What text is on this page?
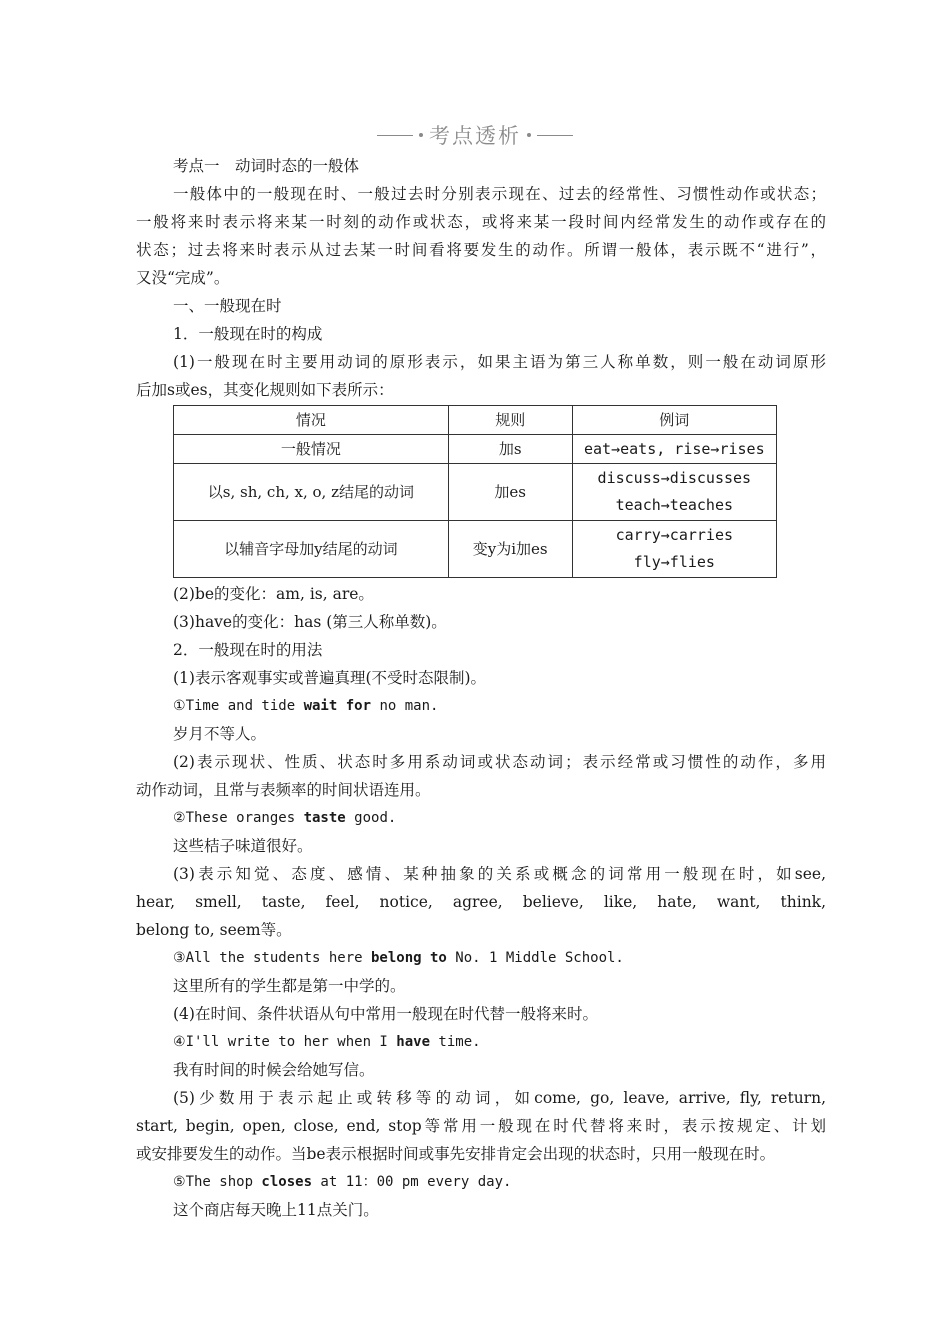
考点透析
考点一　动词时态的一般体
一般体中的一般现在时、一般过去时分别表示现在、过去的经常性、习惯性动作或状态；
一般将来时表示将来某一时刻的动作或状态，或将来某一段时间内经常发生的动作或存在的
状态；过去将来时表示从过去某一时间看将要发生的动作。所谓一般体，表示既不“进行”，
又没“完成”。
一、一般现在时
1．一般现在时的构成
(1)一般现在时主要用动词的原形表示，如果主语为第三人称单数，则一般在动词原形
后加s或es，其变化规则如下表所示：
情况	规则	例词
一般情况	加s	eat→eats, rise→rises
以s, sh, ch, x, o, z结尾的动词	加es	discuss→discusses
teach→teaches

以辅音字母加y结尾的动词	变y为i加es	carry→carries
fly→flies
(2)be的变化：am, is, are。
(3)have的变化：has (第三人称单数)。
2．一般现在时的用法
(1)表示客观事实或普遍真理(不受时态限制)。
①Time and tide wait for no man.
岁月不等人。
(2)表示现状、性质、状态时多用系动词或状态动词；表示经常或习惯性的动作，多用
动作动词，且常与表频率的时间状语连用。
②These oranges taste good.
这些桔子味道很好。
(3)表示知觉、态度、感情、某种抽象的关系或概念的词常用一般现在时，如see,
hear, smell, taste, feel, notice, agree, believe, like, hate, want, think,
belong to, seem等。
③All the students here belong to No. 1 Middle School.
这里所有的学生都是第一中学的。
(4)在时间、条件状语从句中常用一般现在时代替一般将来时。
④I'll write to her when I have time.
我有时间的时候会给她写信。
(5)少数用于表示起止或转移等的动词，如come, go, leave, arrive, fly, return,
start, begin, open, close, end, stop等常用一般现在时代替将来时，表示按规定、计划
或安排要发生的动作。当be表示根据时间或事先安排肯定会出现的状态时，只用一般现在时。
⑤The shop closes at 11：00 pm every day.
这个商店每天晚上11点关门。
